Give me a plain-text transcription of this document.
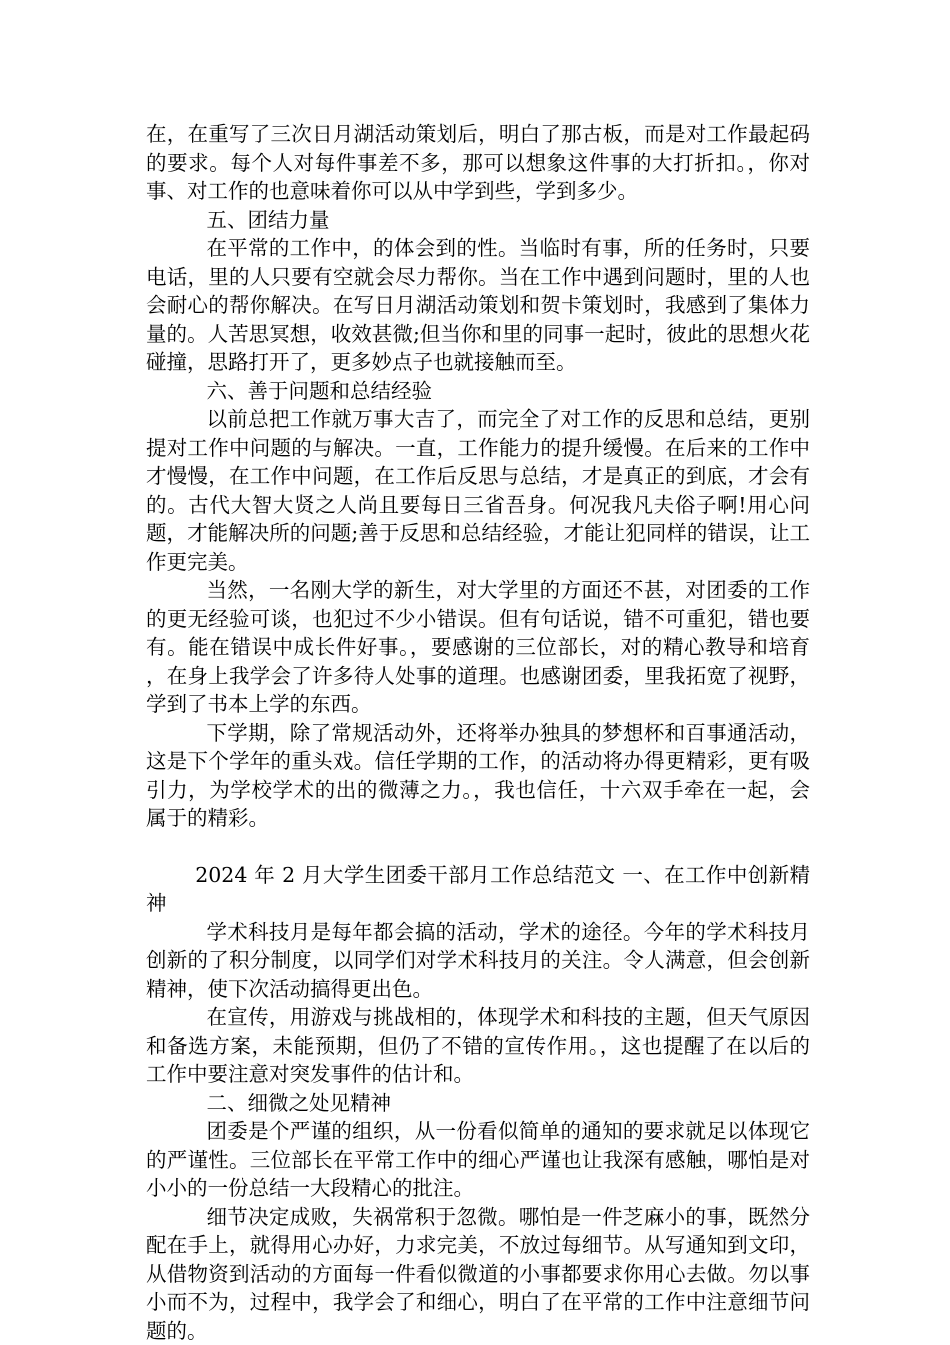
在，在重写了三次日月湖活动策划后，明白了那古板，而是对工作最起码的要求。每个人对每件事差不多，那可以想象这件事的大打折扣。，你对事、对工作的也意味着你可以从中学到些，学到多少。

五、团结力量

在平常的工作中，的体会到的性。当临时有事，所的任务时，只要电话，里的人只要有空就会尽力帮你。当在工作中遇到问题时，里的人也会耐心的帮你解决。在写日月湖活动策划和贺卡策划时，我感到了集体力量的。人苦思冥想，收效甚微;但当你和里的同事一起时，彼此的思想火花碰撞，思路打开了，更多妙点子也就接触而至。

六、善于问题和总结经验

以前总把工作就万事大吉了，而完全了对工作的反思和总结，更别提对工作中问题的与解决。一直，工作能力的提升缓慢。在后来的工作中才慢慢，在工作中问题，在工作后反思与总结，才是真正的到底，才会有的。古代大智大贤之人尚且要每日三省吾身。何况我凡夫俗子啊!用心问题，才能解决所的问题;善于反思和总结经验，才能让犯同样的错误，让工作更完美。

当然，一名刚大学的新生，对大学里的方面还不甚，对团委的工作的更无经验可谈，也犯过不少小错误。但有句话说，错不可重犯，错也要有。能在错误中成长件好事。，要感谢的三位部长，对的精心教导和培育，在身上我学会了许多待人处事的道理。也感谢团委，里我拓宽了视野，学到了书本上学的东西。

下学期，除了常规活动外，还将举办独具的梦想杯和百事通活动，这是下个学年的重头戏。信任学期的工作，的活动将办得更精彩，更有吸引力，为学校学术的出的微薄之力。，我也信任，十六双手牵在一起，会属于的精彩。

2024 年 2 月大学生团委干部月工作总结范文 一、在工作中创新精神

学术科技月是每年都会搞的活动，学术的途径。今年的学术科技月创新的了积分制度，以同学们对学术科技月的关注。令人满意，但会创新精神，使下次活动搞得更出色。

在宣传，用游戏与挑战相的，体现学术和科技的主题，但天气原因和备选方案，未能预期，但仍了不错的宣传作用。，这也提醒了在以后的工作中要注意对突发事件的估计和。

二、细微之处见精神

团委是个严谨的组织，从一份看似简单的通知的要求就足以体现它的严谨性。三位部长在平常工作中的细心严谨也让我深有感触，哪怕是对小小的一份总结一大段精心的批注。

细节决定成败，失祸常积于忽微。哪怕是一件芝麻小的事，既然分配在手上，就得用心办好，力求完美，不放过每细节。从写通知到文印，从借物资到活动的方面每一件看似微道的小事都要求你用心去做。勿以事小而不为，过程中，我学会了和细心，明白了在平常的工作中注意细节问题的。
